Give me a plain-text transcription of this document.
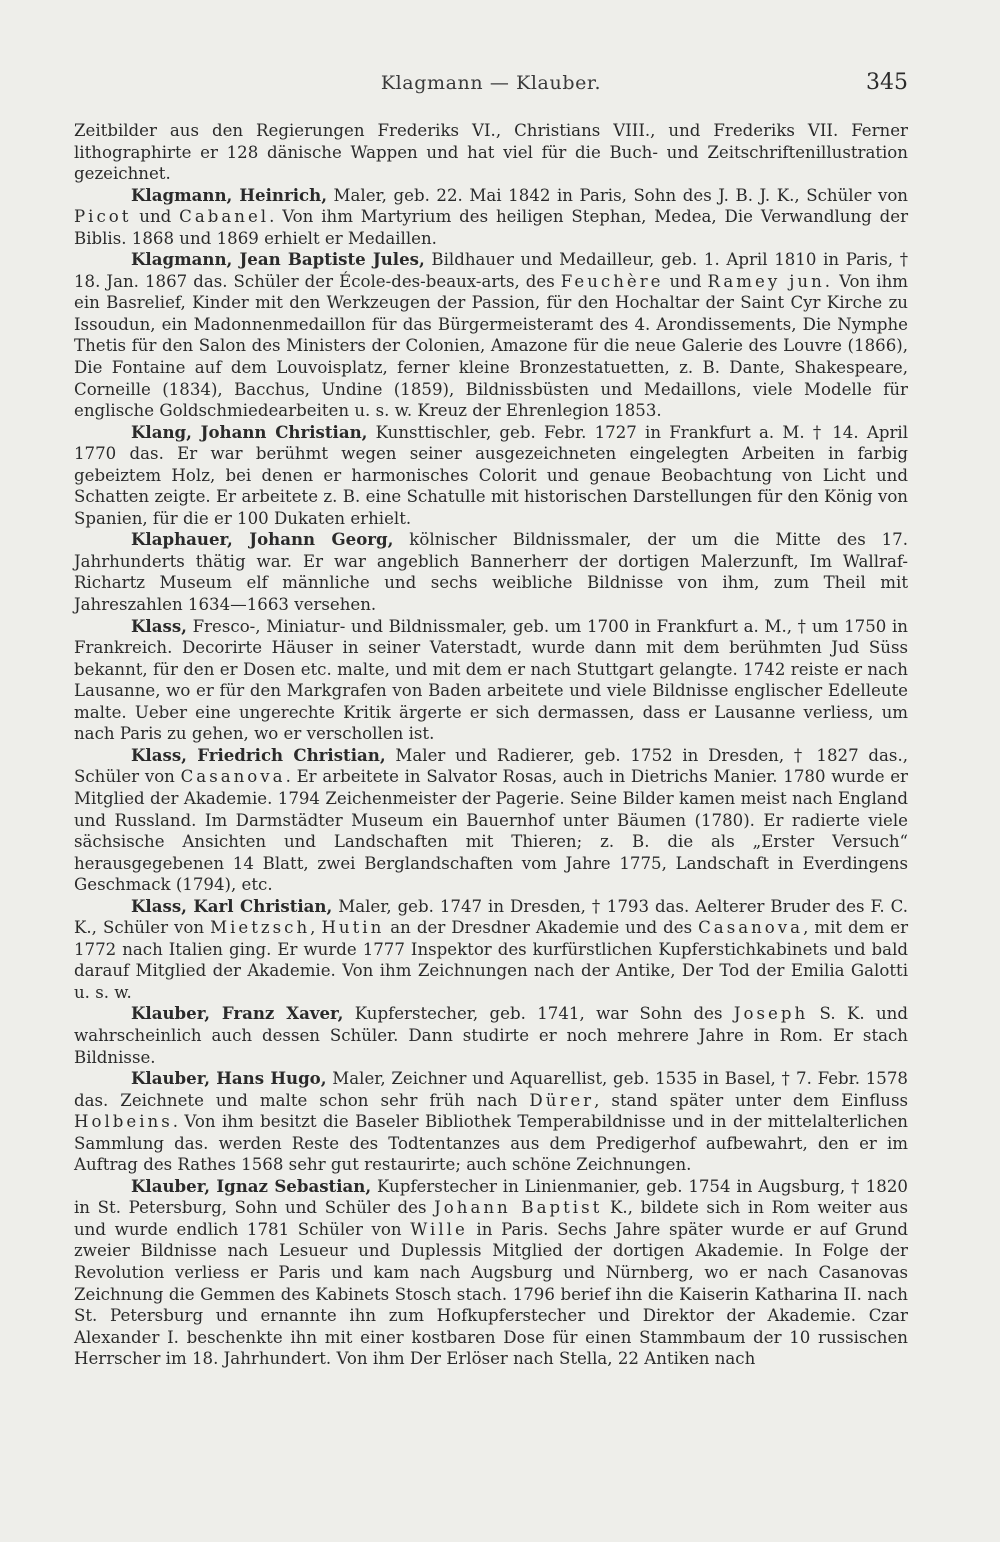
Klagmann — Klauber.	345

Zeitbilder aus den Regierungen Frederiks VI., Christians VIII., und Frederiks VII. Ferner lithographirte er 128 dänische Wappen und hat viel für die Buch- und Zeitschriftenillustration gezeichnet.

Klagmann, Heinrich, Maler, geb. 22. Mai 1842 in Paris, Sohn des J. B. J. K., Schüler von Picot und Cabanel. Von ihm Martyrium des heiligen Stephan, Medea, Die Verwandlung der Biblis. 1868 und 1869 erhielt er Medaillen.

Klagmann, Jean Baptiste Jules, Bildhauer und Medailleur, geb. 1. April 1810 in Paris, † 18. Jan. 1867 das. Schüler der École-des-beaux-arts, des Feuchère und Ramey jun. Von ihm ein Basrelief, Kinder mit den Werkzeugen der Passion, für den Hochaltar der Saint Cyr Kirche zu Issoudun, ein Madonnenmedaillon für das Bürgermeisteramt des 4. Arondissements, Die Nymphe Thetis für den Salon des Ministers der Colonien, Amazone für die neue Galerie des Louvre (1866), Die Fontaine auf dem Louvoisplatz, ferner kleine Bronzestatuetten, z. B. Dante, Shakespeare, Corneille (1834), Bacchus, Undine (1859), Bildnissbüsten und Medaillons, viele Modelle für englische Goldschmiedearbeiten u. s. w. Kreuz der Ehrenlegion 1853.

Klang, Johann Christian, Kunsttischler, geb. Febr. 1727 in Frankfurt a. M. † 14. April 1770 das. Er war berühmt wegen seiner ausgezeichneten eingelegten Arbeiten in farbig gebeiztem Holz, bei denen er harmonisches Colorit und genaue Beobachtung von Licht und Schatten zeigte. Er arbeitete z. B. eine Schatulle mit historischen Darstellungen für den König von Spanien, für die er 100 Dukaten erhielt.

Klaphauer, Johann Georg, kölnischer Bildnissmaler, der um die Mitte des 17. Jahrhunderts thätig war. Er war angeblich Bannerherr der dortigen Malerzunft, Im Wallraf-Richartz Museum elf männliche und sechs weibliche Bildnisse von ihm, zum Theil mit Jahreszahlen 1634—1663 versehen.

Klass, Fresco-, Miniatur- und Bildnissmaler, geb. um 1700 in Frankfurt a. M., † um 1750 in Frankreich. Decorirte Häuser in seiner Vaterstadt, wurde dann mit dem berühmten Jud Süss bekannt, für den er Dosen etc. malte, und mit dem er nach Stuttgart gelangte. 1742 reiste er nach Lausanne, wo er für den Markgrafen von Baden arbeitete und viele Bildnisse englischer Edelleute malte. Ueber eine ungerechte Kritik ärgerte er sich dermassen, dass er Lausanne verliess, um nach Paris zu gehen, wo er verschollen ist.

Klass, Friedrich Christian, Maler und Radierer, geb. 1752 in Dresden, † 1827 das., Schüler von Casanova. Er arbeitete in Salvator Rosas, auch in Dietrichs Manier. 1780 wurde er Mitglied der Akademie. 1794 Zeichenmeister der Pagerie. Seine Bilder kamen meist nach England und Russland. Im Darmstädter Museum ein Bauernhof unter Bäumen (1780). Er radierte viele sächsische Ansichten und Landschaften mit Thieren; z. B. die als „Erster Versuch“ herausgegebenen 14 Blatt, zwei Berglandschaften vom Jahre 1775, Landschaft in Everdingens Geschmack (1794), etc.

Klass, Karl Christian, Maler, geb. 1747 in Dresden, † 1793 das. Aelterer Bruder des F. C. K., Schüler von Mietzsch, Hutin an der Dresdner Akademie und des Casanova, mit dem er 1772 nach Italien ging. Er wurde 1777 Inspektor des kurfürstlichen Kupferstichkabinets und bald darauf Mitglied der Akademie. Von ihm Zeichnungen nach der Antike, Der Tod der Emilia Galotti u. s. w.

Klauber, Franz Xaver, Kupferstecher, geb. 1741, war Sohn des Joseph S. K. und wahrscheinlich auch dessen Schüler. Dann studirte er noch mehrere Jahre in Rom. Er stach Bildnisse.

Klauber, Hans Hugo, Maler, Zeichner und Aquarellist, geb. 1535 in Basel, † 7. Febr. 1578 das. Zeichnete und malte schon sehr früh nach Dürer, stand später unter dem Einfluss Holbeins. Von ihm besitzt die Baseler Bibliothek Temperabildnisse und in der mittelalterlichen Sammlung das. werden Reste des Todtentanzes aus dem Predigerhof aufbewahrt, den er im Auftrag des Rathes 1568 sehr gut restaurirte; auch schöne Zeichnungen.

Klauber, Ignaz Sebastian, Kupferstecher in Linienmanier, geb. 1754 in Augsburg, † 1820 in St. Petersburg, Sohn und Schüler des Johann Baptist K., bildete sich in Rom weiter aus und wurde endlich 1781 Schüler von Wille in Paris. Sechs Jahre später wurde er auf Grund zweier Bildnisse nach Lesueur und Duplessis Mitglied der dortigen Akademie. In Folge der Revolution verliess er Paris und kam nach Augsburg und Nürnberg, wo er nach Casanovas Zeichnung die Gemmen des Kabinets Stosch stach. 1796 berief ihn die Kaiserin Katharina II. nach St. Petersburg und ernannte ihn zum Hofkupferstecher und Direktor der Akademie. Czar Alexander I. beschenkte ihn mit einer kostbaren Dose für einen Stammbaum der 10 russischen Herrscher im 18. Jahrhundert. Von ihm Der Erlöser nach Stella, 22 Antiken nach
